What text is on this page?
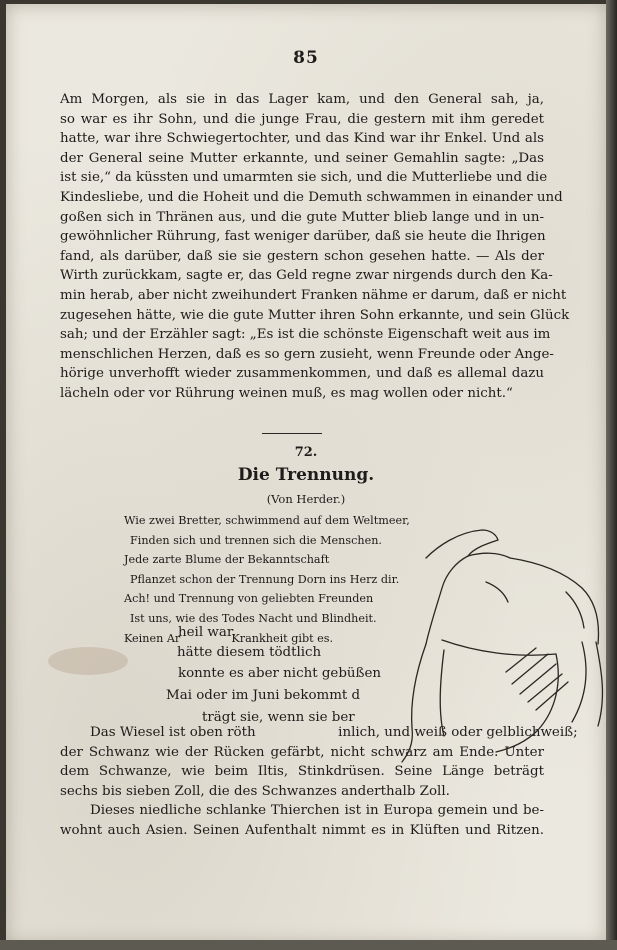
85
Am Morgen, als sie in das Lager kam, und den General sah, ja,
so war es ihr Sohn, und die junge Frau, die gestern mit ihm geredet
hatte, war ihre Schwiegertochter, und das Kind war ihr Enkel. Und als
der General seine Mutter erkannte, und seiner Gemahlin sagte: „Das
ist sie,“ da küssten und umarmten sie sich, und die Mutterliebe und die
Kindesliebe, und die Hoheit und die Demuth schwammen in einander und
goßen sich in Thränen aus, und die gute Mutter blieb lange und in un-
gewöhnlicher Rührung, fast weniger darüber, daß sie heute die Ihrigen
fand, als darüber, daß sie sie gestern schon gesehen hatte. — Als der
Wirth zurückkam, sagte er, das Geld regne zwar nirgends durch den Ka-
min herab, aber nicht zweihundert Franken nähme er darum, daß er nicht
zugesehen hätte, wie die gute Mutter ihren Sohn erkannte, und sein Glück
sah; und der Erzähler sagt: „Es ist die schönste Eigenschaft weit aus im
menschlichen Herzen, daß es so gern zusieht, wenn Freunde oder Ange-
hörige unverhofft wieder zusammenkommen, und daß es allemal dazu
lächeln oder vor Rührung weinen muß, es mag wollen oder nicht.“
72.
Die Trennung.
(Von Herder.)
Wie zwei Bretter, schwimmend auf dem Weltmeer,
Finden sich und trennen sich die Menschen.
Jede zarte Blume der Bekanntschaft
Pflanzet schon der Trennung Dorn ins Herz dir.
Ach! und Trennung von geliebten Freunden
Ist uns, wie des Todes Nacht und Blindheit.
Keinen Ar	Krankheit gibt es.
heil war.
hätte diesem tödtlich
konnte es aber nicht gebüßen
Mai oder im Juni bekommt d
trägt sie, wenn sie ber
Das Wiesel ist oben röth	inlich, und weiß oder gelblichweiß;
der Schwanz wie der Rücken gefärbt, nicht schwarz am Ende. Unter
dem Schwanze, wie beim Iltis, Stinkdrüsen. Seine Länge beträgt
sechs bis sieben Zoll, die des Schwanzes anderthalb Zoll.
Dieses niedliche schlanke Thierchen ist in Europa gemein und be-
wohnt auch Asien. Seinen Aufenthalt nimmt es in Klüften und Ritzen.
